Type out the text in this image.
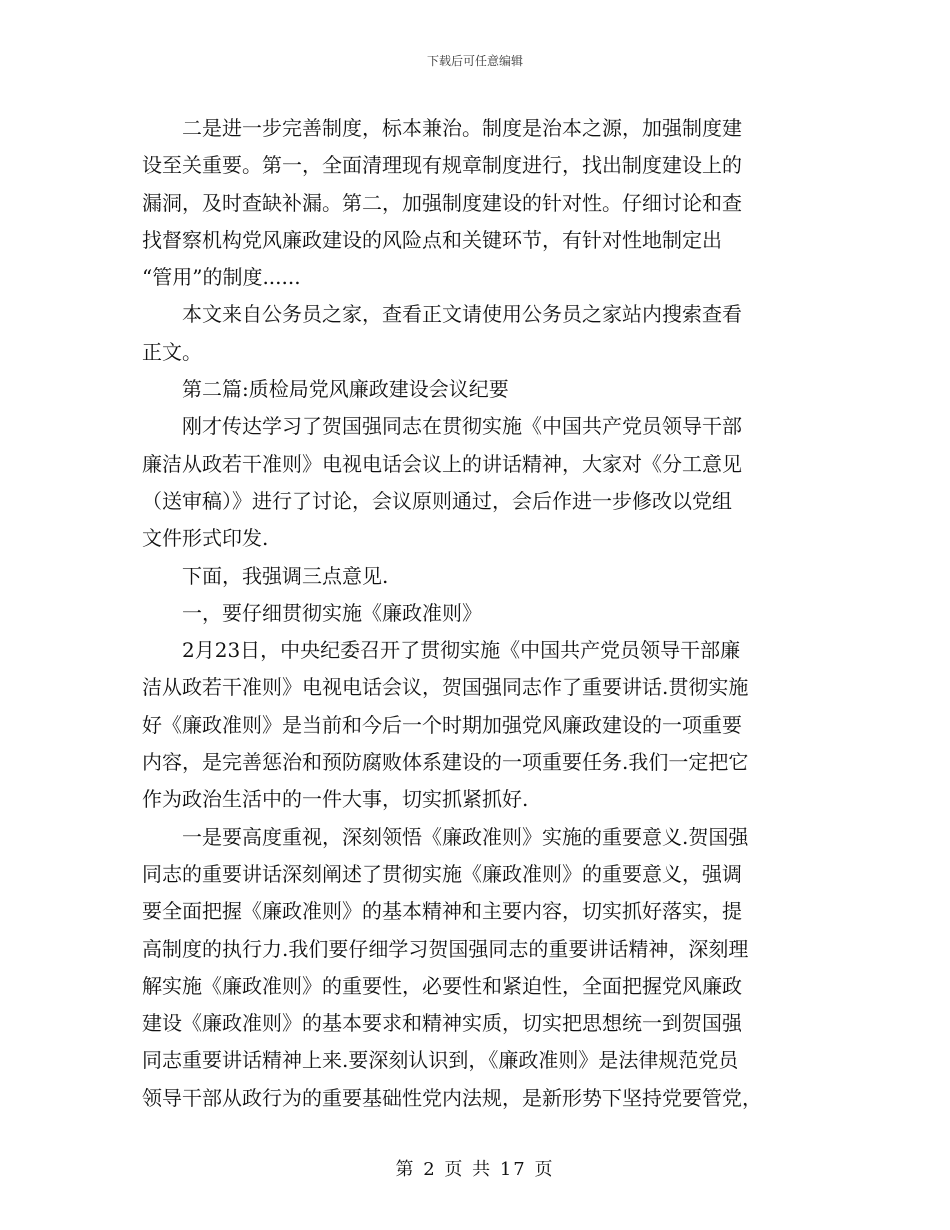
下载后可任意编辑
二是进一步完善制度，标本兼治。制度是治本之源，加强制度建
设至关重要。第一，全面清理现有规章制度进行，找出制度建设上的
漏洞，及时查缺补漏。第二，加强制度建设的针对性。仔细讨论和查
找督察机构党风廉政建设的风险点和关键环节，有针对性地制定出
“管用”的制度......
本文来自公务员之家，查看正文请使用公务员之家站内搜索查看
正文。
第二篇:质检局党风廉政建设会议纪要
刚才传达学习了贺国强同志在贯彻实施《中国共产党员领导干部
廉洁从政若干准则》电视电话会议上的讲话精神，大家对《分工意见
（送审稿）》进行了讨论，会议原则通过，会后作进一步修改以党组
文件形式印发.
下面，我强调三点意见.
一，要仔细贯彻实施《廉政准则》
2月23日，中央纪委召开了贯彻实施《中国共产党员领导干部廉
洁从政若干准则》电视电话会议，贺国强同志作了重要讲话.贯彻实施
好《廉政准则》是当前和今后一个时期加强党风廉政建设的一项重要
内容，是完善惩治和预防腐败体系建设的一项重要任务.我们一定把它
作为政治生活中的一件大事，切实抓紧抓好.
一是要高度重视，深刻领悟《廉政准则》实施的重要意义.贺国强
同志的重要讲话深刻阐述了贯彻实施《廉政准则》的重要意义，强调
要全面把握《廉政准则》的基本精神和主要内容，切实抓好落实，提
高制度的执行力.我们要仔细学习贺国强同志的重要讲话精神，深刻理
解实施《廉政准则》的重要性，必要性和紧迫性，全面把握党风廉政
建设《廉政准则》的基本要求和精神实质，切实把思想统一到贺国强
同志重要讲话精神上来.要深刻认识到，《廉政准则》是法律规范党员
领导干部从政行为的重要基础性党内法规，是新形势下坚持党要管党，
第 2 页 共 17 页
